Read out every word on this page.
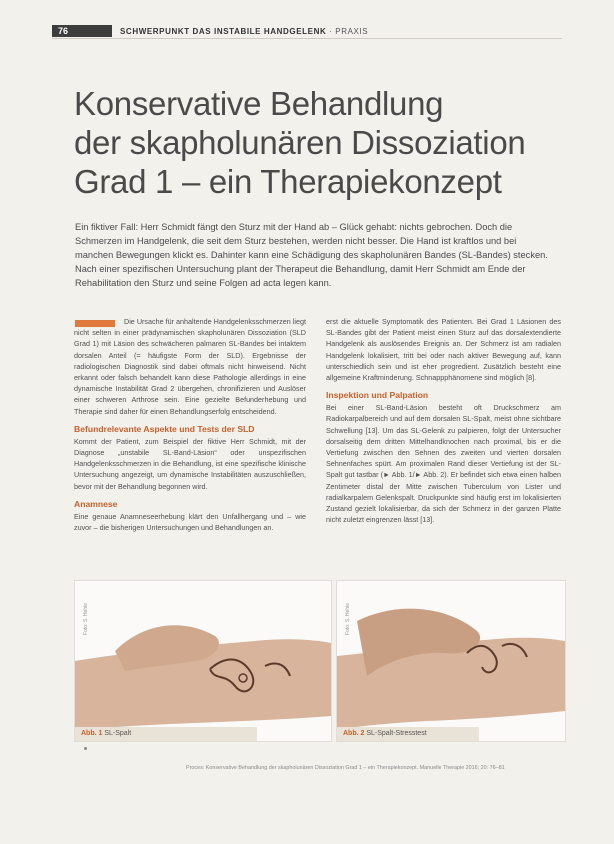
76	SCHWERPUNKT DAS INSTABILE HANDGELENK · PRAXIS
Konservative Behandlung
der skapholunären Dissoziation
Grad 1 – ein Therapiekonzept
Ein fiktiver Fall: Herr Schmidt fängt den Sturz mit der Hand ab – Glück gehabt: nichts gebrochen. Doch die Schmerzen im Handgelenk, die seit dem Sturz bestehen, werden nicht besser. Die Hand ist kraftlos und bei manchen Bewegungen klickt es. Dahinter kann eine Schädigung des skapholunären Bandes (SL-Bandes) stecken. Nach einer spezifischen Untersuchung plant der Therapeut die Behandlung, damit Herr Schmidt am Ende der Rehabilitation den Sturz und seine Folgen ad acta legen kann.

Die Ursache für anhaltende Handgelenksschmerzen liegt nicht selten in einer prädynamischen skapholunären Dissoziation (SLD Grad 1) mit Läsion des schwächeren palmaren SL-Bandes bei intaktem dorsalen Anteil (= häufigste Form der SLD). Ergebnisse der radiologischen Diagnostik sind dabei oftmals nicht hinweisend. Nicht erkannt oder falsch behandelt kann diese Pathologie allerdings in eine dynamische Instabilität Grad 2 übergehen, chronifizieren und Auslöser einer schweren Arthrose sein. Eine gezielte Befunderhebung und Therapie sind daher für einen Behandlungserfolg entscheidend.

Befundrelevante Aspekte und Tests der SLD

Kommt der Patient, zum Beispiel der fiktive Herr Schmidt, mit der Diagnose „unstabile SL-Band-Läsion“ oder unspezifischen Handgelenksschmerzen in die Behandlung, ist eine spezifische klinische Untersuchung angezeigt, um dynamische Instabilitäten auszuschließen, bevor mit der Behandlung begonnen wird.

Anamnese

Eine genaue Anamneseerhebung klärt den Unfallhergang und – wie zuvor – die bisherigen Untersuchungen und Behandlungen an.

erst die aktuelle Symptomatik des Patienten. Bei Grad 1 Läsionen des SL-Bandes gibt der Patient meist einen Sturz auf das dorsalextendierte Handgelenk als auslösendes Ereignis an. Der Schmerz ist am radialen Handgelenk lokalisiert, tritt bei oder nach aktiver Bewegung auf, kann unterschiedlich sein und ist eher progredient. Zusätzlich besteht eine allgemeine Kraftminderung. Schnappphänomene sind möglich [8].

Inspektion und Palpation

Bei einer SL-Band-Läsion besteht oft Druckschmerz am Radiokarpalbereich und auf dem dorsalen SL-Spalt, meist ohne sichtbare Schwellung [13]. Um das SL-Gelenk zu palpieren, folgt der Untersucher dorsalseitig dem dritten Mittelhandknochen nach proximal, bis er die Vertiefung zwischen den Sehnen des zweiten und vierten dorsalen Sehnenfaches spürt. Am proximalen Rand dieser Vertiefung ist der SL-Spalt gut tastbar (► Abb. 1/► Abb. 2). Er befindet sich etwa einen halben Zentimeter distal der Mitte zwischen Tuberculum von Lister und radialkarpalem Gelenkspalt. Druckpunkte sind häufig erst im lokalisierten Zustand gezielt lokalisierbar, da sich der Schmerz in der ganzen Platte nicht zuletzt eingrenzen lässt [13].

Foto: S. Hehle
Abb. 1 SL-Spalt
Foto: S. Hehle
Abb. 2 SL-Spalt-Stresstest
Proces: Konservative Behandlung der skapholunären Dissoziation Grad 1 – ein Therapiekonzept. Manuelle Therapie 2016; 20: 76–81
